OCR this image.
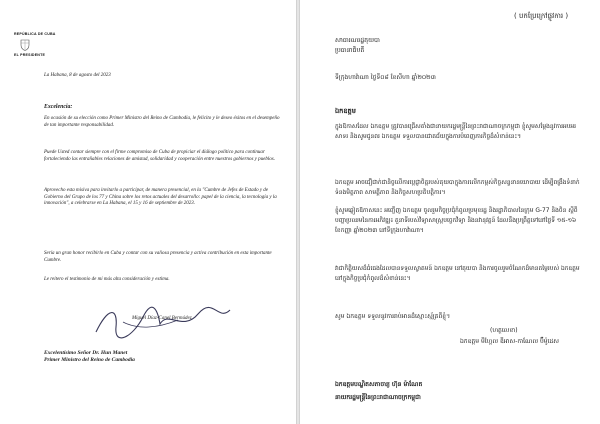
REPÚBLICA DE CUBA
EL PRESIDENTE
La Habana, 8 de agosto del 2023
Excelencia:
En ocasión de su elección como Primer Ministro del Reino de Cambodia, le felicito y le deseo éxitos en el desempeño de tan importante responsabilidad.
Puede Usted contar siempre con el firme compromiso de Cuba de propiciar el diálogo político para continuar fortaleciendo las entrañables relaciones de amistad, solidaridad y cooperación entre nuestros gobiernos y pueblos.
Aprovecho esta misiva para invitarlo a participar, de manera presencial, en la "Cumbre de Jefes de Estado y de Gobierno del Grupo de los 77 y China sobre los retos actuales del desarrollo: papel de la ciencia, la tecnología y la innovación", a celebrarse en La Habana, el 15 y 16 de septiembre de 2023.
Sería un gran honor recibirlo en Cuba y contar con su valiosa presencia y activa contribución en esta importante Cumbre.
Le reitero el testimonio de mi más alta consideración y estima.
Miguel Díaz-Canel Bermúdez
Excelentísimo Señor Dr. Hun Manet
Primer Ministro del Reino de Cambodia
( បកប្រែក្រៅផ្លូវការ )
សាធារណរដ្ឋគុយបា
ប្រធានាធិបតី
ទីក្រុងហាវ៉ាណា ថ្ងៃទី០៨ ខែសីហា ឆ្នាំ២០២៣
ឯកឧត្ដម
ក្នុងឱកាសដែល ឯកឧត្ដម ត្រូវបានជ្រើសតាំងជានាយករដ្ឋមន្ដ្រីនៃព្រះរាជាណាចក្រកម្ពុជា ខ្ញុំសូមសម្ដែងនូវការអបអរសាទរ និងសូមជូនពរ ឯកឧត្ដម ទទួលបានជោគជ័យក្នុងការបំពេញភារកិច្ចដ៏សំខាន់នេះ។
ឯកឧត្ដម អាចជឿជាក់ជានិច្ចលើការប្ដេជ្ញាចិត្តរបស់គុយបាក្នុងការលើកកម្ពស់កិច្ចសន្ទនានយោបាយ ដើម្បីពង្រឹងទំនាក់ទំនងមិត្តភាព សាមគ្គីភាព និងកិច្ចសហប្រតិបត្តិការ។
ខ្ញុំសូមឆ្លៀតឱកាសនេះ អញ្ជើញ ឯកឧត្ដម ចូលរួមកិច្ចប្រជុំកំពូលប្រមុខរដ្ឋ និងរដ្ឋាភិបាលនៃក្រុម G-77 និងចិន ស្ដីពីបញ្ហាប្រឈមនៃការអភិវឌ្ឍ៖ តួនាទីរបស់វិទ្យាសាស្ត្របច្ចេកវិទ្យា និងនវានុវត្តន៍ ដែលនឹងប្រព្រឹត្តទៅនៅថ្ងៃទី ១៥-១៦ ខែកញ្ញា ឆ្នាំ២០២៣ នៅទីក្រុងហាវ៉ាណា។
វាជាកិត្តិយសដ៏ធំធេងដែលបានទទួលស្វាគមន៍ ឯកឧត្ដម នៅគុយបា និងការចូលរួមចំណែកដ៏មានតម្លៃរបស់ ឯកឧត្ដម នៅក្នុងកិច្ចប្រជុំកំពូលដ៏សំខាន់នេះ។
សូម ឯកឧត្ដម ទទួលនូវការរាប់អានដ៏ស្មោះស្ម័គ្រពីខ្ញុំ។
(ហត្ថលេខា)
ឯកឧត្ដម មីហ្គែល ឌីអាស-កាណែល ប៊ឺម៉ូដេស
ឯកឧត្ដមបណ្ឌិតសភាចារ្យ ហ៊ុន ម៉ាណែត
នាយករដ្ឋមន្ដ្រីនៃព្រះរាជាណាចក្រកម្ពុជា
